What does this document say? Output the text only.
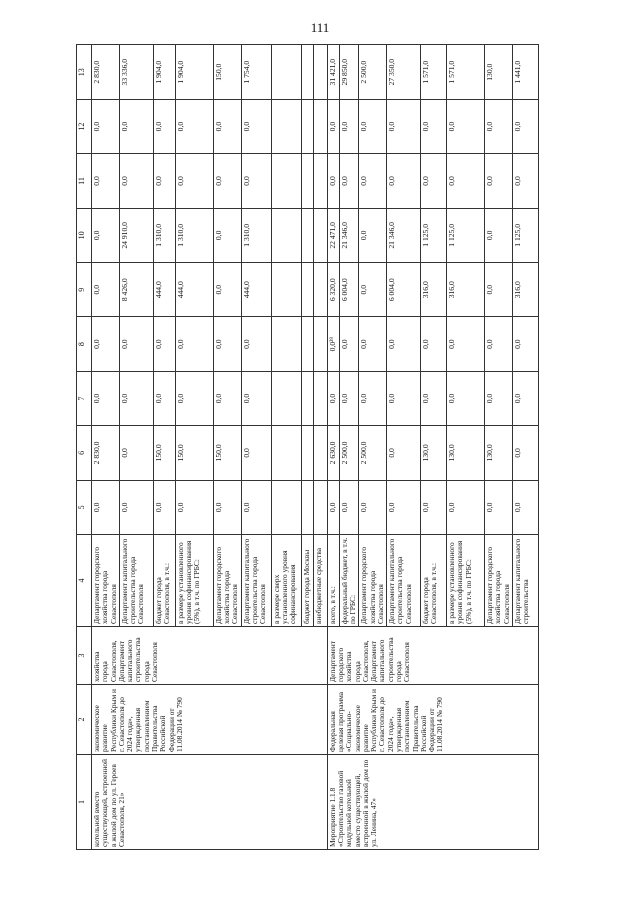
111
1	2	3	4	5	6	7	8	9	10	11	12	13
котельной вместо существующей, встроенной в жилой дом по ул. Героев Севастополя, 21»	экономическое развитие Республики Крым и г. Севастополя до 2024 года», утвержденная постановлением Правительства Российской Федерации от 11.08.2014 № 790	хозяйства города Севастополя, Департамент капитального строительства города Севастополя	Департамент городского хозяйства города Севастополя	0,0	2 830,0	0,0	0,0	0,0	0,0	0,0	0,0	2 830,0
			Департамент капитального строительства города Севастополя	0,0	0,0	0,0	0,0	8 426,0	24 910,0	0,0	0,0	33 336,0
			бюджет города Севастополя, в т.ч.:	0,0	150,0	0,0	0,0	444,0	1 310,0	0,0	0,0	1 904,0
			в размере установленного уровня софинансирования (5%), в т.ч. по ГРБС:	0,0	150,0	0,0	0,0	444,0	1 310,0	0,0	0,0	1 904,0
			Департамент городского хозяйства города Севастополя	0,0	150,0	0,0	0,0	0,0	0,0	0,0	0,0	150,0
			Департамент капитального строительства города Севастополя	0,0	0,0	0,0	0,0	444,0	1 310,0	0,0	0,0	1 754,0
			в размере сверх установленного уровня софинансирования									
			бюджет города Москвы									
			внебюджетные средства									
Мероприятие 1.1.8 «Строительство газовой модульной котельной вместо существующей, встроенной в жилой дом по ул. Ленина, 47»	Федеральная целевая программа «Социально-экономическое развитие Республики Крым и г. Севастополя до 2024 года», утвержденная постановлением Правительства Российской Федерации от 11.08.2014 № 790	Департамент городского хозяйства города Севастополя, Департамент капитального строительства города Севастополя	всего, в т.ч.:	0,0	2 630,0	0,0	0,0²⁹	6 320,0	22 471,0	0,0	0,0	31 421,0
			федеральный бюджет, в т.ч. по ГРБС:	0,0	2 500,0	0,0	0,0	6 004,0	21 346,0	0,0	0,0	29 850,0
			Департамент городского хозяйства города Севастополя	0,0	2 500,0	0,0	0,0	0,0	0,0	0,0	0,0	2 500,0
			Департамент капитального строительства города Севастополя	0,0	0,0	0,0	0,0	6 004,0	21 346,0	0,0	0,0	27 350,0
			бюджет города Севастополя, в т.ч.:	0,0	130,0	0,0	0,0	316,0	1 125,0	0,0	0,0	1 571,0
			в размере установленного уровня софинансирования (5%), в т.ч. по ГРБС:	0,0	130,0	0,0	0,0	316,0	1 125,0	0,0	0,0	1 571,0
			Департамент городского хозяйства города Севастополя	0,0	130,0	0,0	0,0	0,0	0,0	0,0	0,0	130,0
			Департамент капитального строительства	0,0	0,0	0,0	0,0	316,0	1 125,0	0,0	0,0	1 441,0
